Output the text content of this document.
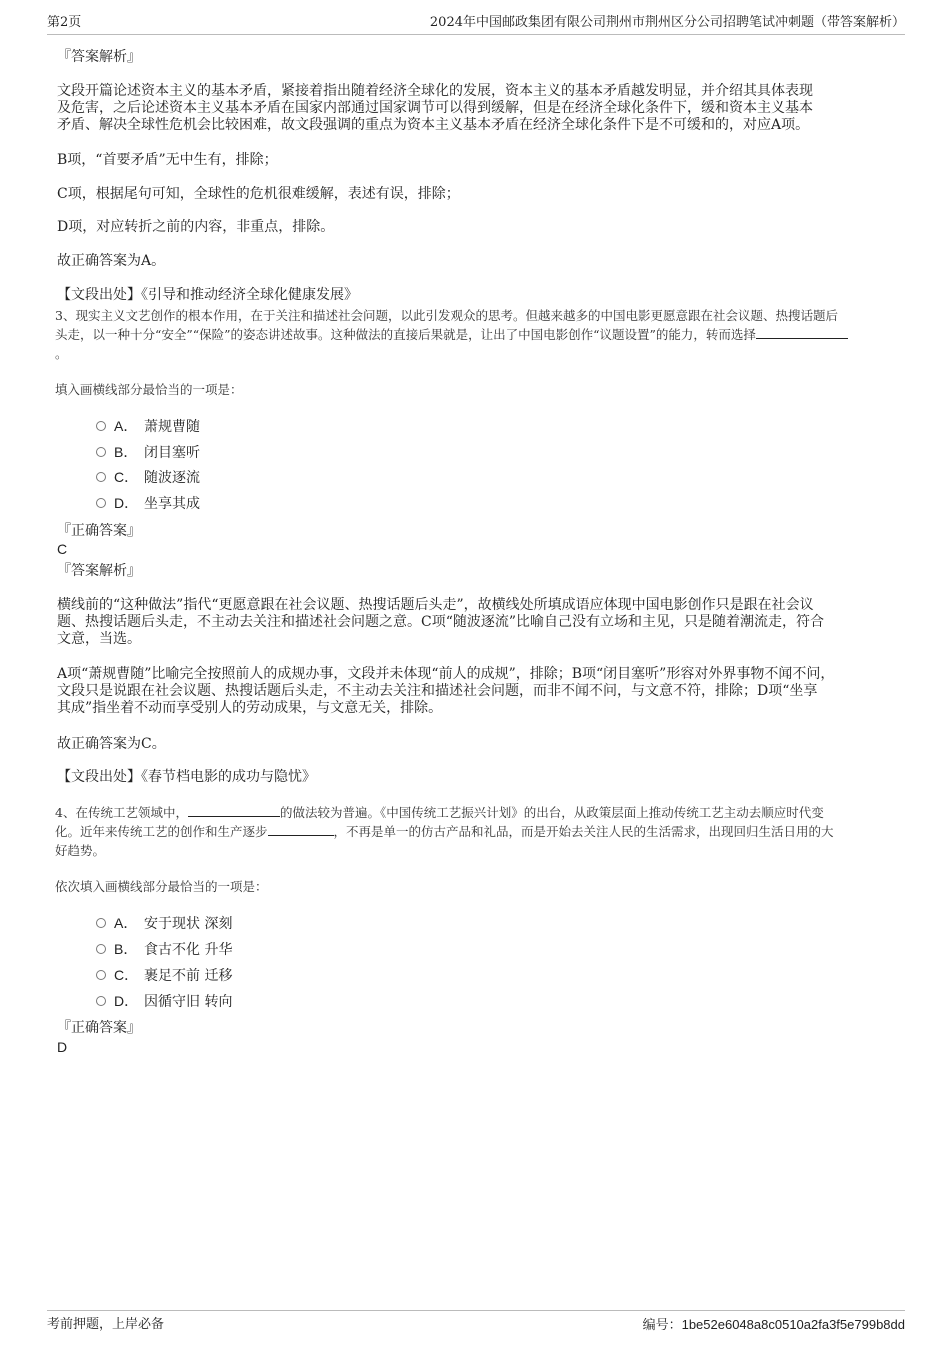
第2页	2024年中国邮政集团有限公司荆州市荆州区分公司招聘笔试冲刺题（带答案解析）
『答案解析』
文段开篇论述资本主义的基本矛盾，紧接着指出随着经济全球化的发展，资本主义的基本矛盾越发明显，并介绍其具体表现
及危害，之后论述资本主义基本矛盾在国家内部通过国家调节可以得到缓解，但是在经济全球化条件下，缓和资本主义基本
矛盾、解决全球性危机会比较困难，故文段强调的重点为资本主义基本矛盾在经济全球化条件下是不可缓和的，对应A项。
B项，“首要矛盾”无中生有，排除；
C项，根据尾句可知，全球性的危机很难缓解，表述有误，排除；
D项，对应转折之前的内容，非重点，排除。
故正确答案为A。
【文段出处】《引导和推动经济全球化健康发展》
3、现实主义文艺创作的根本作用，在于关注和描述社会问题，以此引发观众的思考。但越来越多的中国电影更愿意跟在社会议题、热搜话题后
头走，以一种十分“安全”“保险”的姿态讲述故事。这种做法的直接后果就是，让出了中国电影创作“议题设置”的能力，转而选择
。
填入画横线部分最恰当的一项是：
A． 萧规曹随
B． 闭目塞听
C． 随波逐流
D． 坐享其成
『正确答案』
C
『答案解析』
横线前的“这种做法”指代“更愿意跟在社会议题、热搜话题后头走”，故横线处所填成语应体现中国电影创作只是跟在社会议
题、热搜话题后头走，不主动去关注和描述社会问题之意。C项“随波逐流”比喻自己没有立场和主见，只是随着潮流走，符合
文意，当选。
A项“萧规曹随”比喻完全按照前人的成规办事，文段并未体现“前人的成规”，排除；B项“闭目塞听”形容对外界事物不闻不问，
文段只是说跟在社会议题、热搜话题后头走，不主动去关注和描述社会问题，而非不闻不问，与文意不符，排除；D项“坐享
其成”指坐着不动而享受别人的劳动成果，与文意无关，排除。
故正确答案为C。
【文段出处】《春节档电影的成功与隐忧》
4、在传统工艺领域中，	的做法较为普遍。《中国传统工艺振兴计划》的出台，从政策层面上推动传统工艺主动去顺应时代变
化。近年来传统工艺的创作和生产逐步	，不再是单一的仿古产品和礼品，而是开始去关注人民的生活需求，出现回归生活日用的大
好趋势。
依次填入画横线部分最恰当的一项是：
A． 安于现状 深刻
B． 食古不化 升华
C． 裹足不前 迁移
D． 因循守旧 转向
『正确答案』
D
考前押题，上岸必备	编号：1be52e6048a8c0510a2fa3f5e799b8dd
